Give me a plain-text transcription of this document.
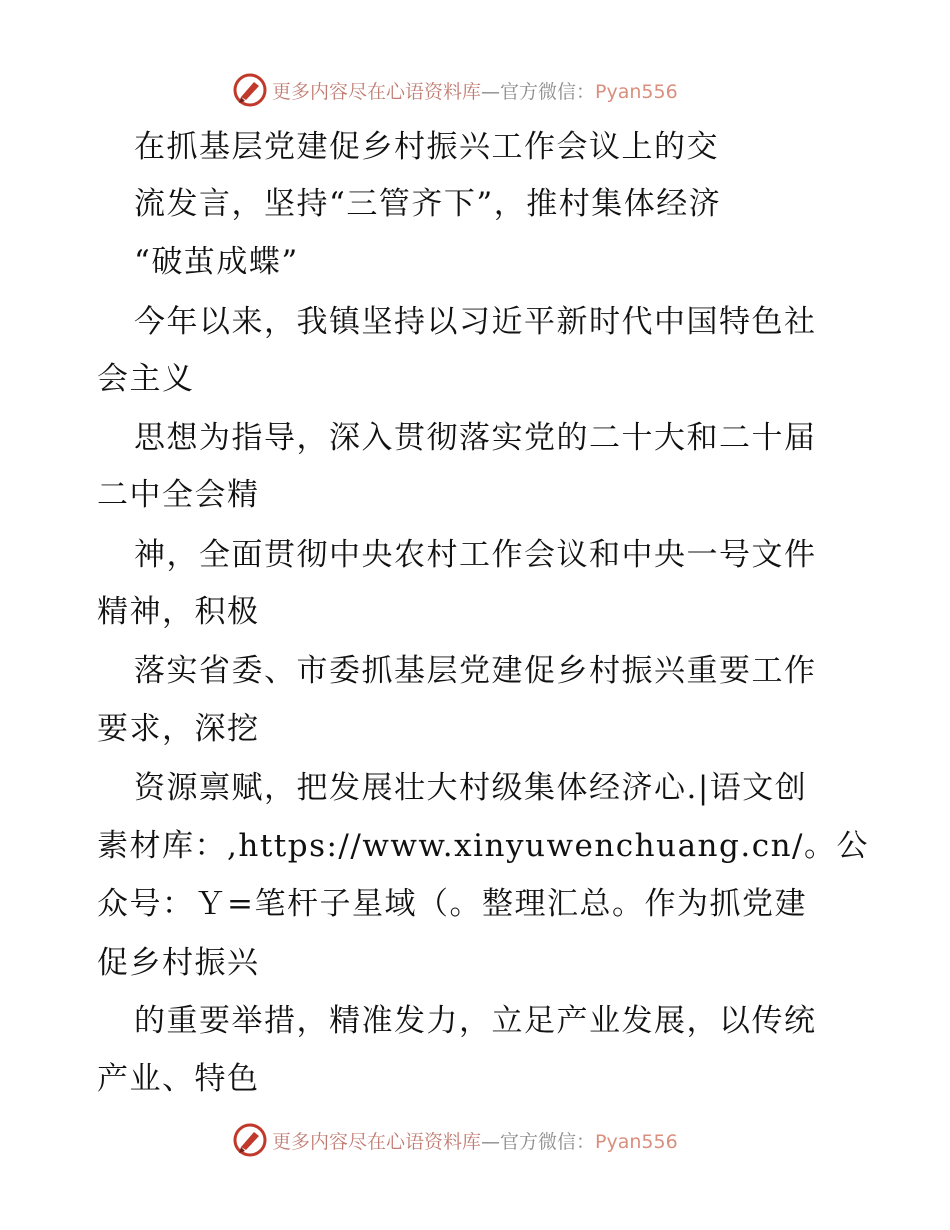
更多内容尽在心语资料库—官方微信：Pyan556
在抓基层党建促乡村振兴工作会议上的交
流发言，坚持“三管齐下”，推村集体经济
“破茧成蝶”
今年以来，我镇坚持以习近平新时代中国特色社
会主义
思想为指导，深入贯彻落实党的二十大和二十届
二中全会精
神，全面贯彻中央农村工作会议和中央一号文件
精神，积极
落实省委、市委抓基层党建促乡村振兴重要工作
要求，深挖
资源禀赋，把发展壮大村级集体经济心.|语文创
素材库：,https://www.xinyuwenchuang.cn/。公
众号：Ｙ=笔杆子星域（。整理汇总。作为抓党建
促乡村振兴
的重要举措，精准发力，立足产业发展，以传统
产业、特色
更多内容尽在心语资料库—官方微信：Pyan556
